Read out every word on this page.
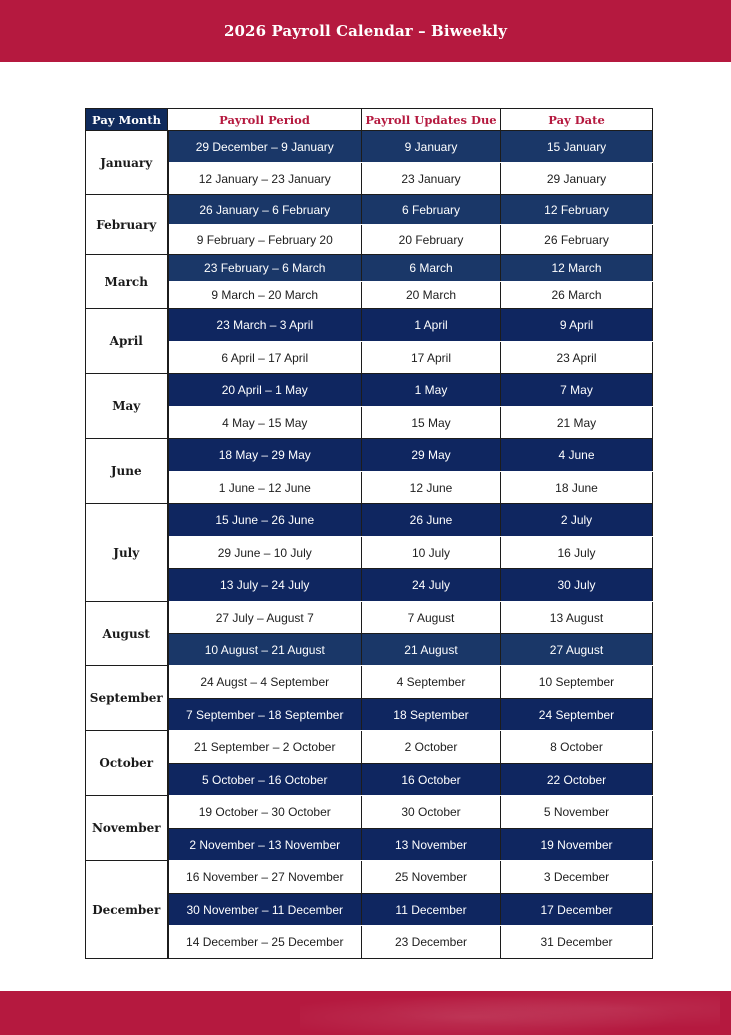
2026 Payroll Calendar – Biweekly
Pay Month	Payroll Period	Payroll Updates Due	Pay Date
January	29 December – 9 January	9 January	15 January
	12 January – 23 January	23 January	29 January
February	26 January – 6 February	6 February	12 February
	9 February – February 20	20 February	26 February
March	23 February – 6 March	6 March	12 March
	9 March – 20 March	20 March	26 March
April	23 March – 3 April	1 April	9 April
	6 April – 17 April	17 April	23 April
May	20 April – 1 May	1 May	7 May
	4 May – 15 May	15 May	21 May
June	18 May – 29 May	29 May	4 June
	1 June – 12 June	12 June	18 June
July	15 June – 26 June	26 June	2 July
	29 June – 10 July	10 July	16 July
	13 July – 24 July	24 July	30 July
August	27 July – August 7	7 August	13 August
	10 August – 21 August	21 August	27 August
September	24 Augst – 4 September	4 September	10 September
	7 September – 18 September	18 September	24 September
October	21 September – 2 October	2 October	8 October
	5 October – 16 October	16 October	22 October
November	19 October – 30 October	30 October	5 November
	2 November – 13 November	13 November	19 November
December	16 November – 27 November	25 November	3 December
	30 November – 11 December	11 December	17 December
	14 December – 25 December	23 December	31 December
